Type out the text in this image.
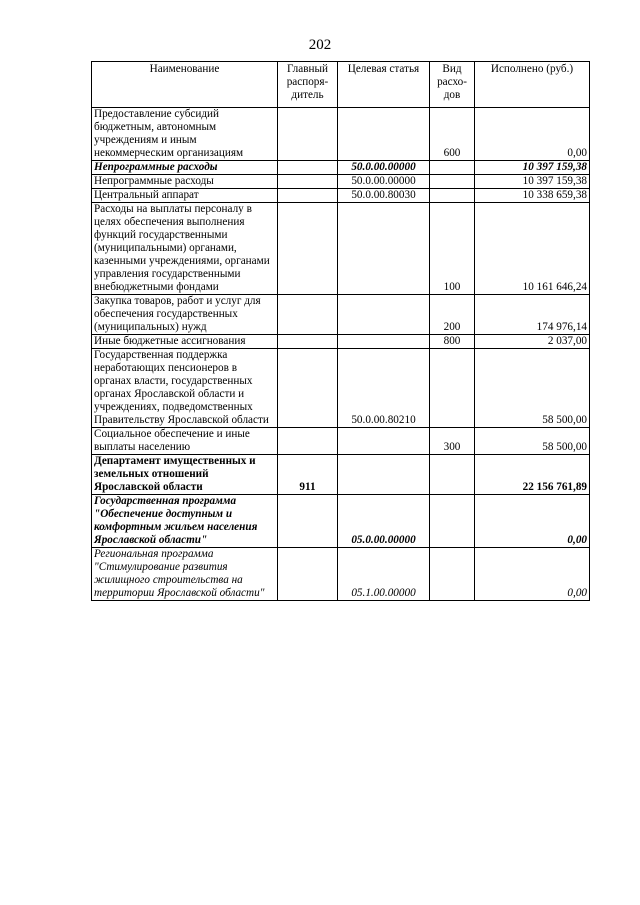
202
Наименование	Главный распоря- дитель	Целевая статья	Вид расхо- дов	Исполнено (руб.)
Предоставление субсидий бюджетным, автономным учреждениям и иным некоммерческим организациям			600	0,00
Непрограммные расходы		50.0.00.00000		10 397 159,38
Непрограммные расходы		50.0.00.00000		10 397 159,38
Центральный аппарат		50.0.00.80030		10 338 659,38
Расходы на выплаты персоналу в целях обеспечения выполнения функций государственными (муниципальными) органами, казенными учреждениями, органами управления государственными внебюджетными фондами			100	10 161 646,24
Закупка товаров, работ и услуг для обеспечения государственных (муниципальных) нужд			200	174 976,14
Иные бюджетные ассигнования			800	2 037,00
Государственная поддержка неработающих пенсионеров в органах власти, государственных органах Ярославской области и учреждениях, подведомственных Правительству Ярославской области		50.0.00.80210		58 500,00
Социальное обеспечение и иные выплаты населению			300	58 500,00
Департамент имущественных и земельных отношений Ярославской области	911			22 156 761,89
Государственная программа "Обеспечение доступным и комфортным жильем населения Ярославской области"		05.0.00.00000		0,00
Региональная программа "Стимулирование развития жилищного строительства на территории Ярославской области"		05.1.00.00000		0,00
